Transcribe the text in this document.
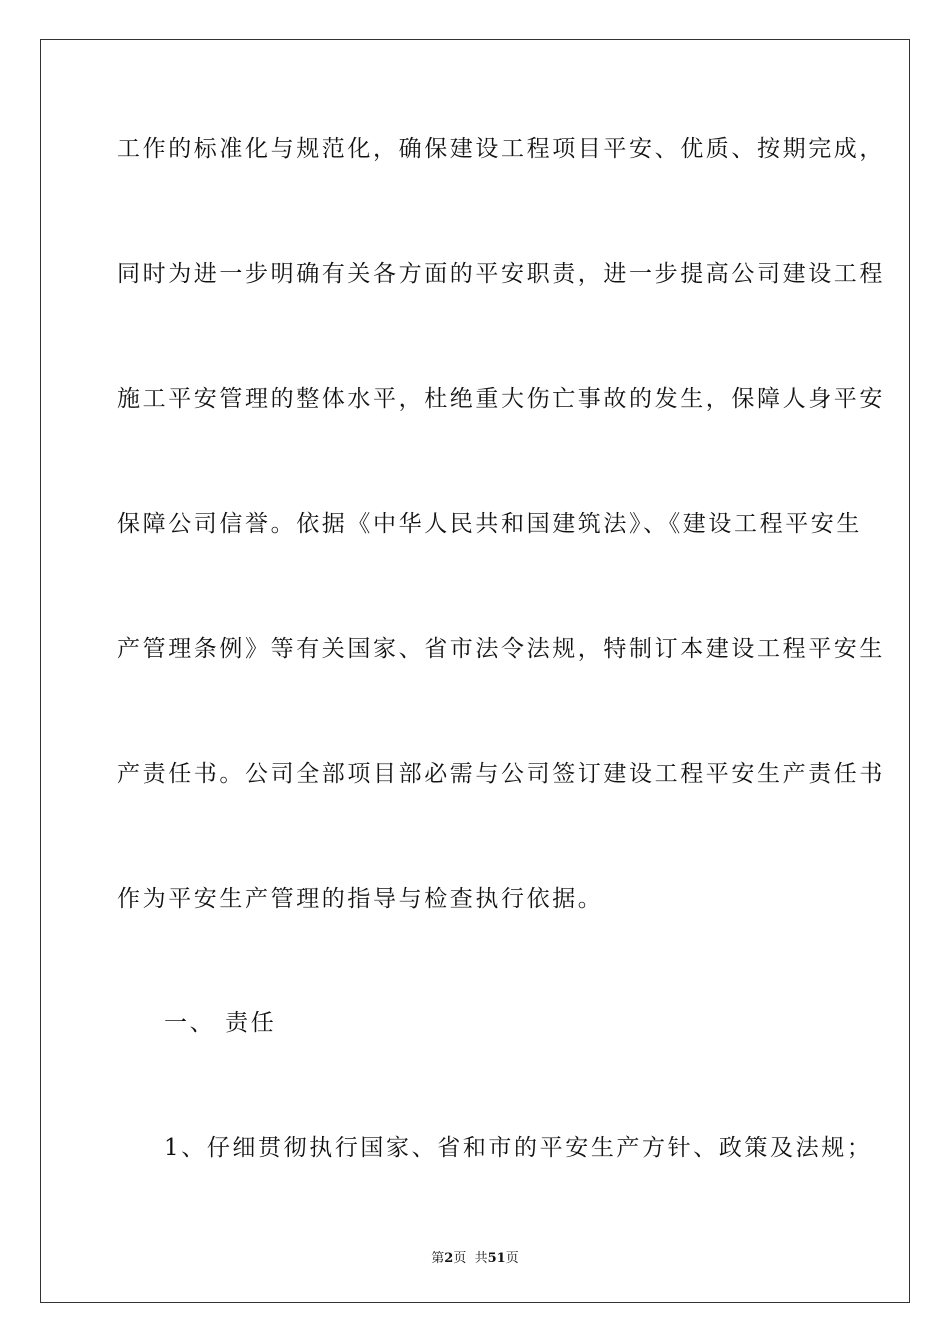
工作的标准化与规范化，确保建设工程项目平安、优质、按期完成，
同时为进一步明确有关各方面的平安职责，进一步提高公司建设工程
施工平安管理的整体水平，杜绝重大伤亡事故的发生，保障人身平安
保障公司信誉。依据《中华人民共和国建筑法》、《建设工程平安生
产管理条例》等有关国家、省市法令法规，特制订本建设工程平安生
产责任书。公司全部项目部必需与公司签订建设工程平安生产责任书
作为平安生产管理的指导与检查执行依据。
一、 责任
1、仔细贯彻执行国家、省和市的平安生产方针、政策及法规；
第2页  共51页
